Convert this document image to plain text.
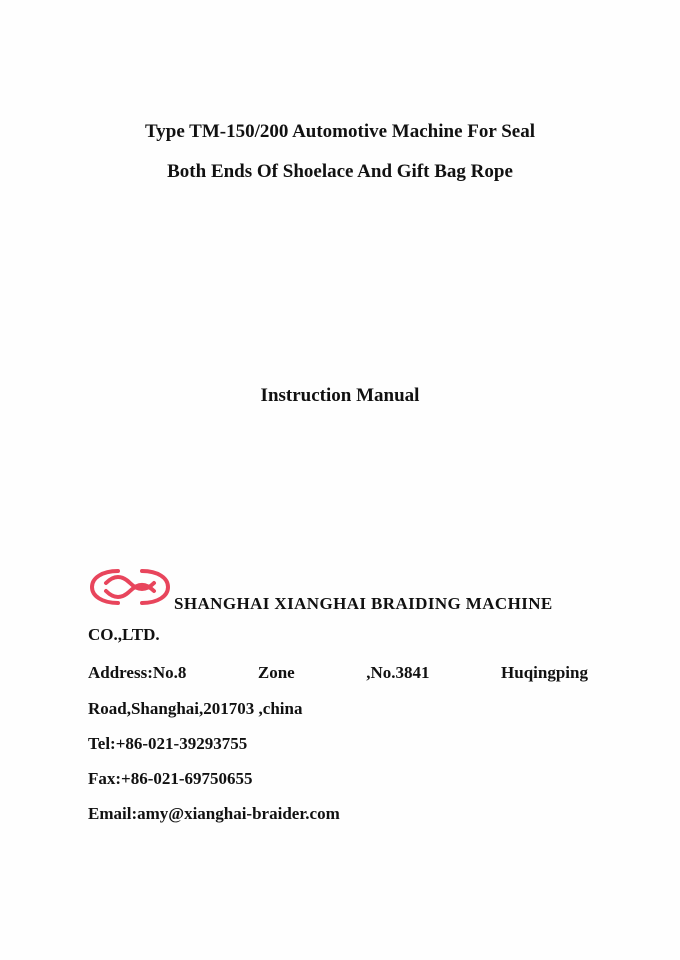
Type TM-150/200 Automotive Machine For Seal

Both Ends Of Shoelace And Gift Bag Rope

Instruction Manual

SHANGHAI XIANGHAI BRAIDING MACHINE
CO.,LTD.
Address:No.8	Zone	,No.3841	Huqingping
Road,Shanghai,201703 ,china
Tel:+86-021-39293755
Fax:+86-021-69750655
Email:amy@xianghai-braider.com
